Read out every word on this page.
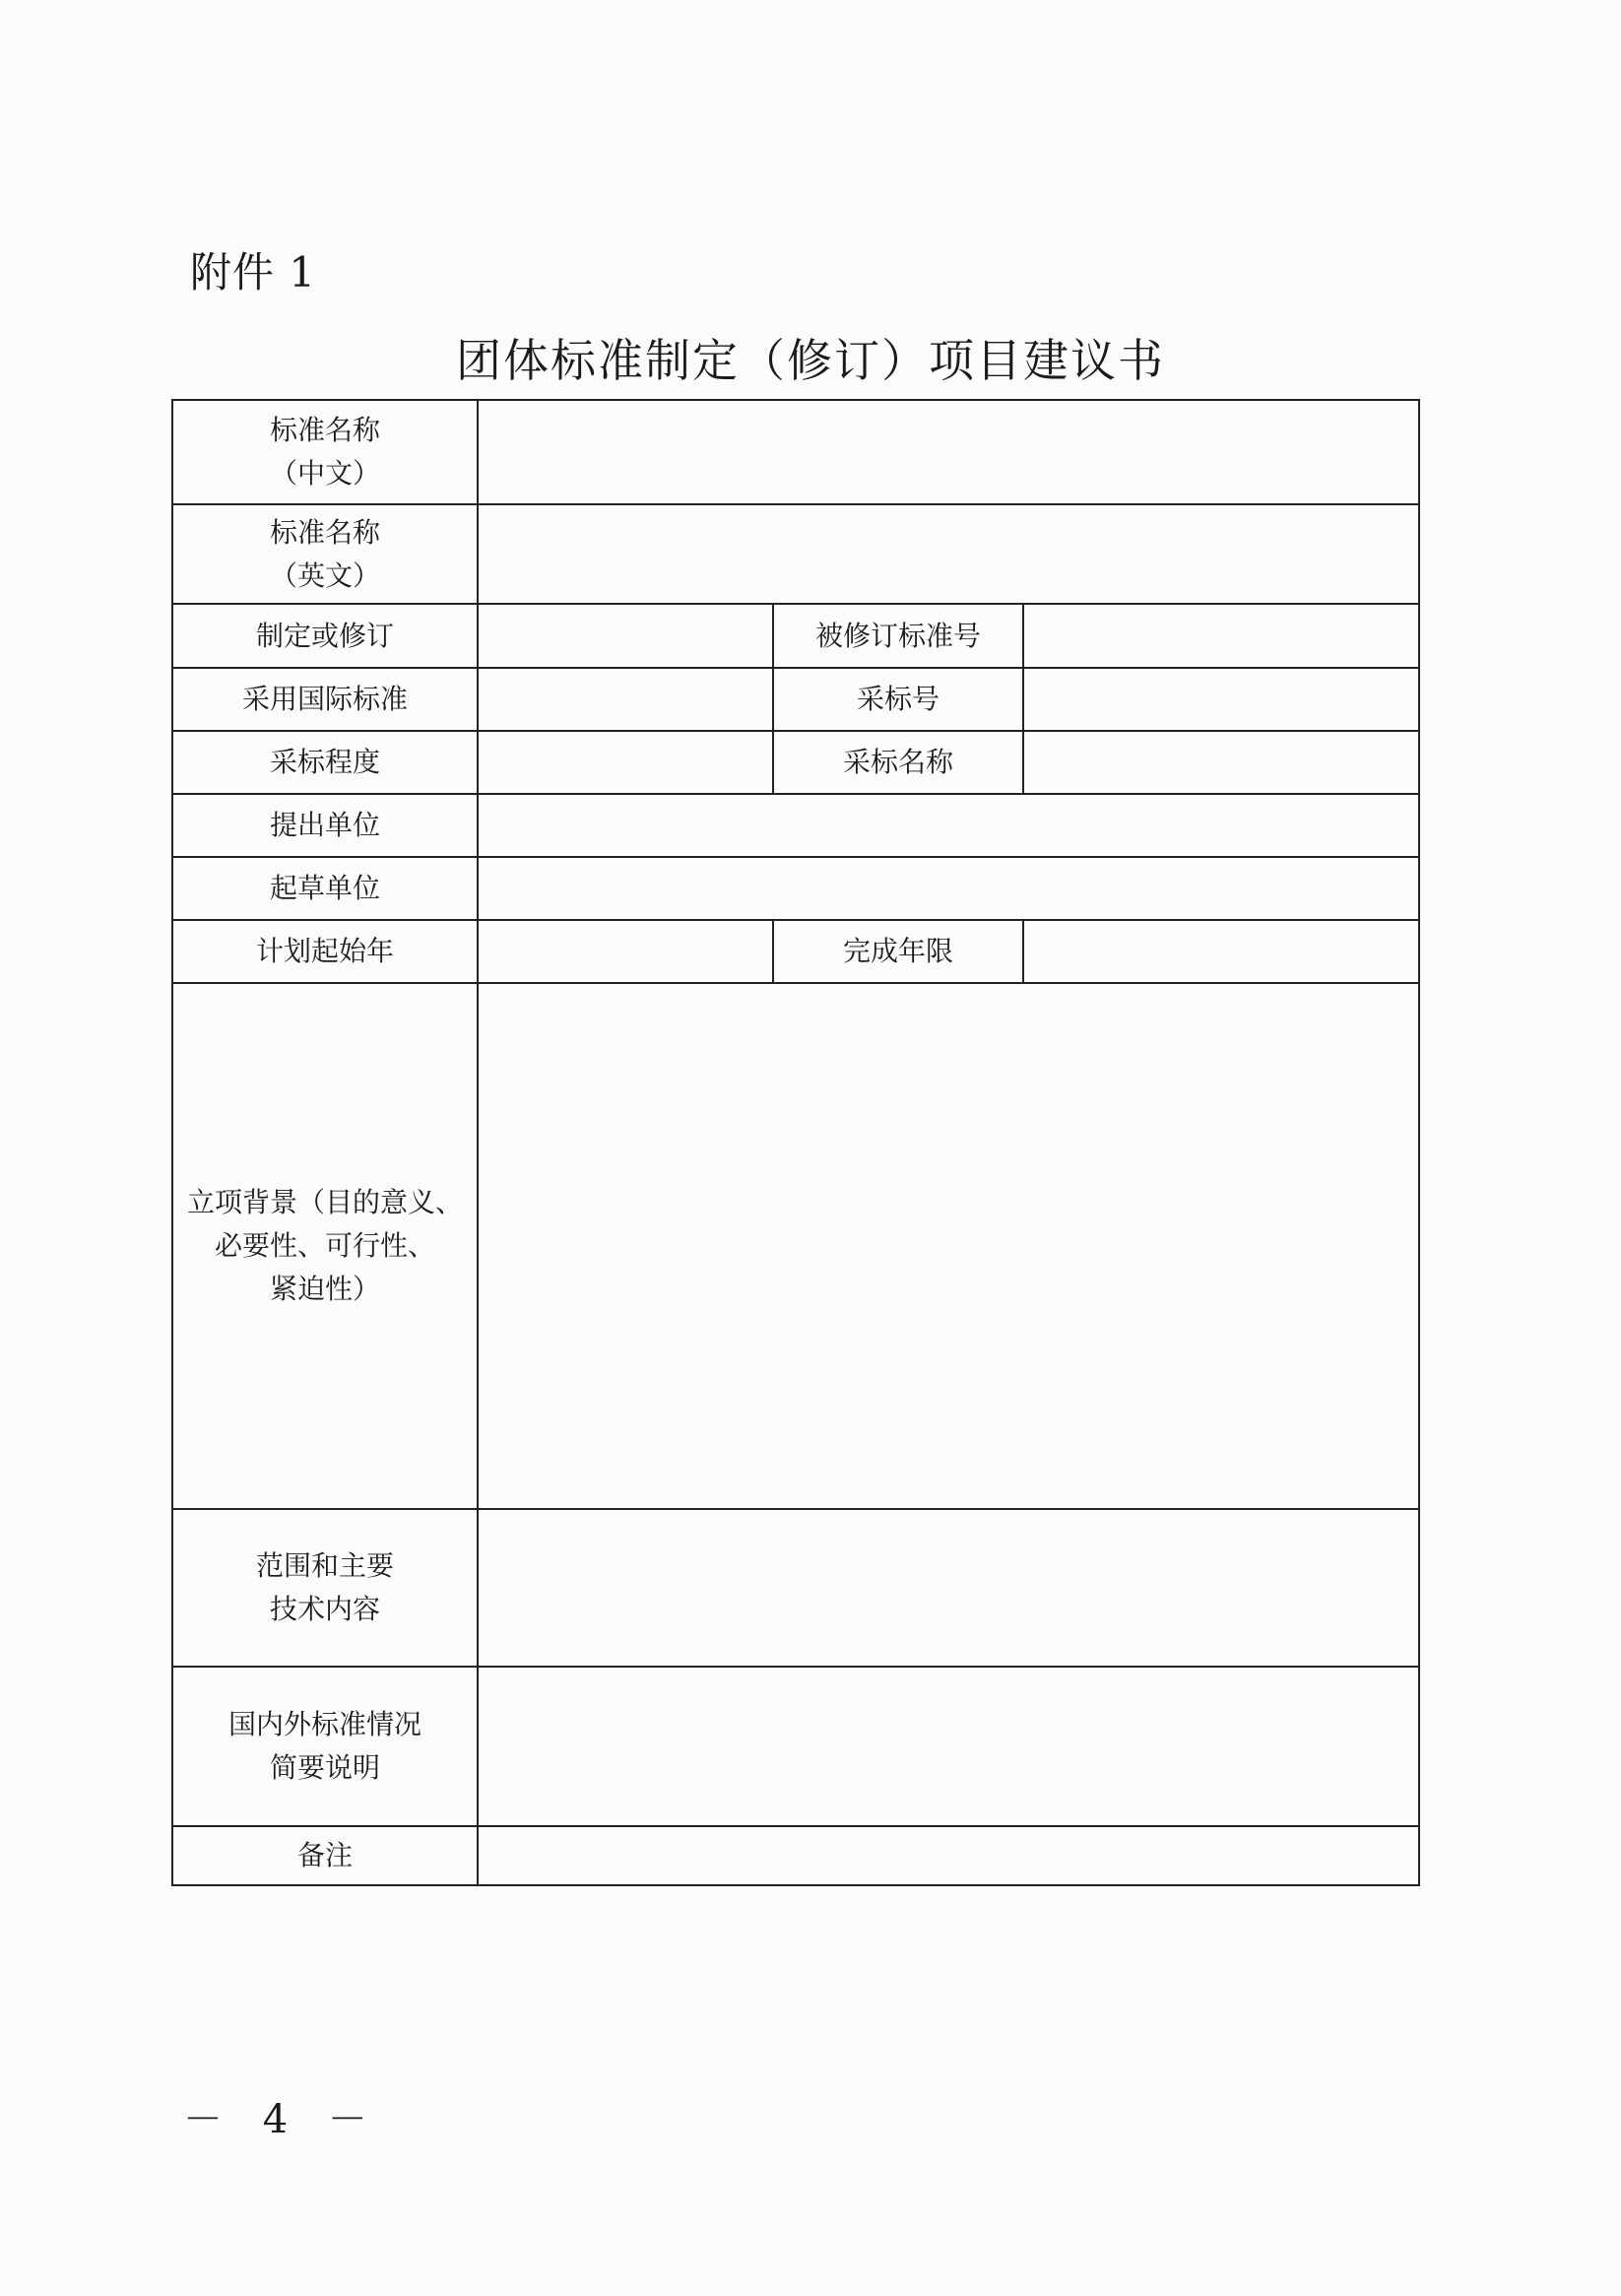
附件 1
团体标准制定（修订）项目建议书
标准名称
（中文）			

标准名称
（英文）			

制定或修订		被修订标准号	
采用国际标准		采标号	
采标程度		采标名称	
提出单位			
起草单位			
计划起始年		完成年限	

立项背景（目的意义、
必要性、可行性、
紧迫性）			

范围和主要
技术内容			

国内外标准情况
简要说明			

备注			
－ 4 －
